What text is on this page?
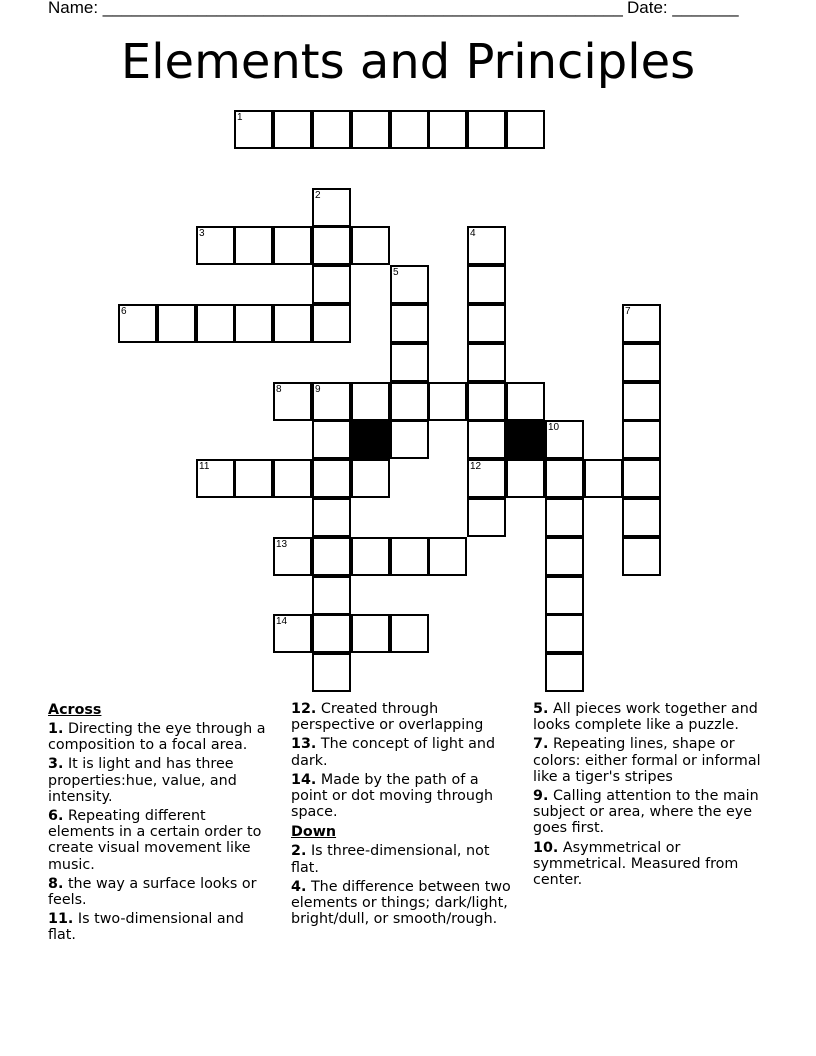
Name: _______________________________________________________ Date: _______
Elements and Principles
1
2
3	4
5
6	7
8	9
10
11	12
13
14
Across
1. Directing the eye through a composition to a focal area.
3. It is light and has three properties:hue, value, and intensity.
6. Repeating different elements in a certain order to create visual movement like music.
8. the way a surface looks or feels.
11. Is two-dimensional and flat.
12. Created through perspective or overlapping
13. The concept of light and dark.
14. Made by the path of a point or dot moving through space.
Down
2. Is three-dimensional, not flat.
4. The difference between two elements or things; dark/light, bright/dull, or smooth/rough.
5. All pieces work together and looks complete like a puzzle.
7. Repeating lines, shape or colors: either formal or informal like a tiger's stripes
9. Calling attention to the main subject or area, where the eye goes first.
10. Asymmetrical or symmetrical. Measured from center.
